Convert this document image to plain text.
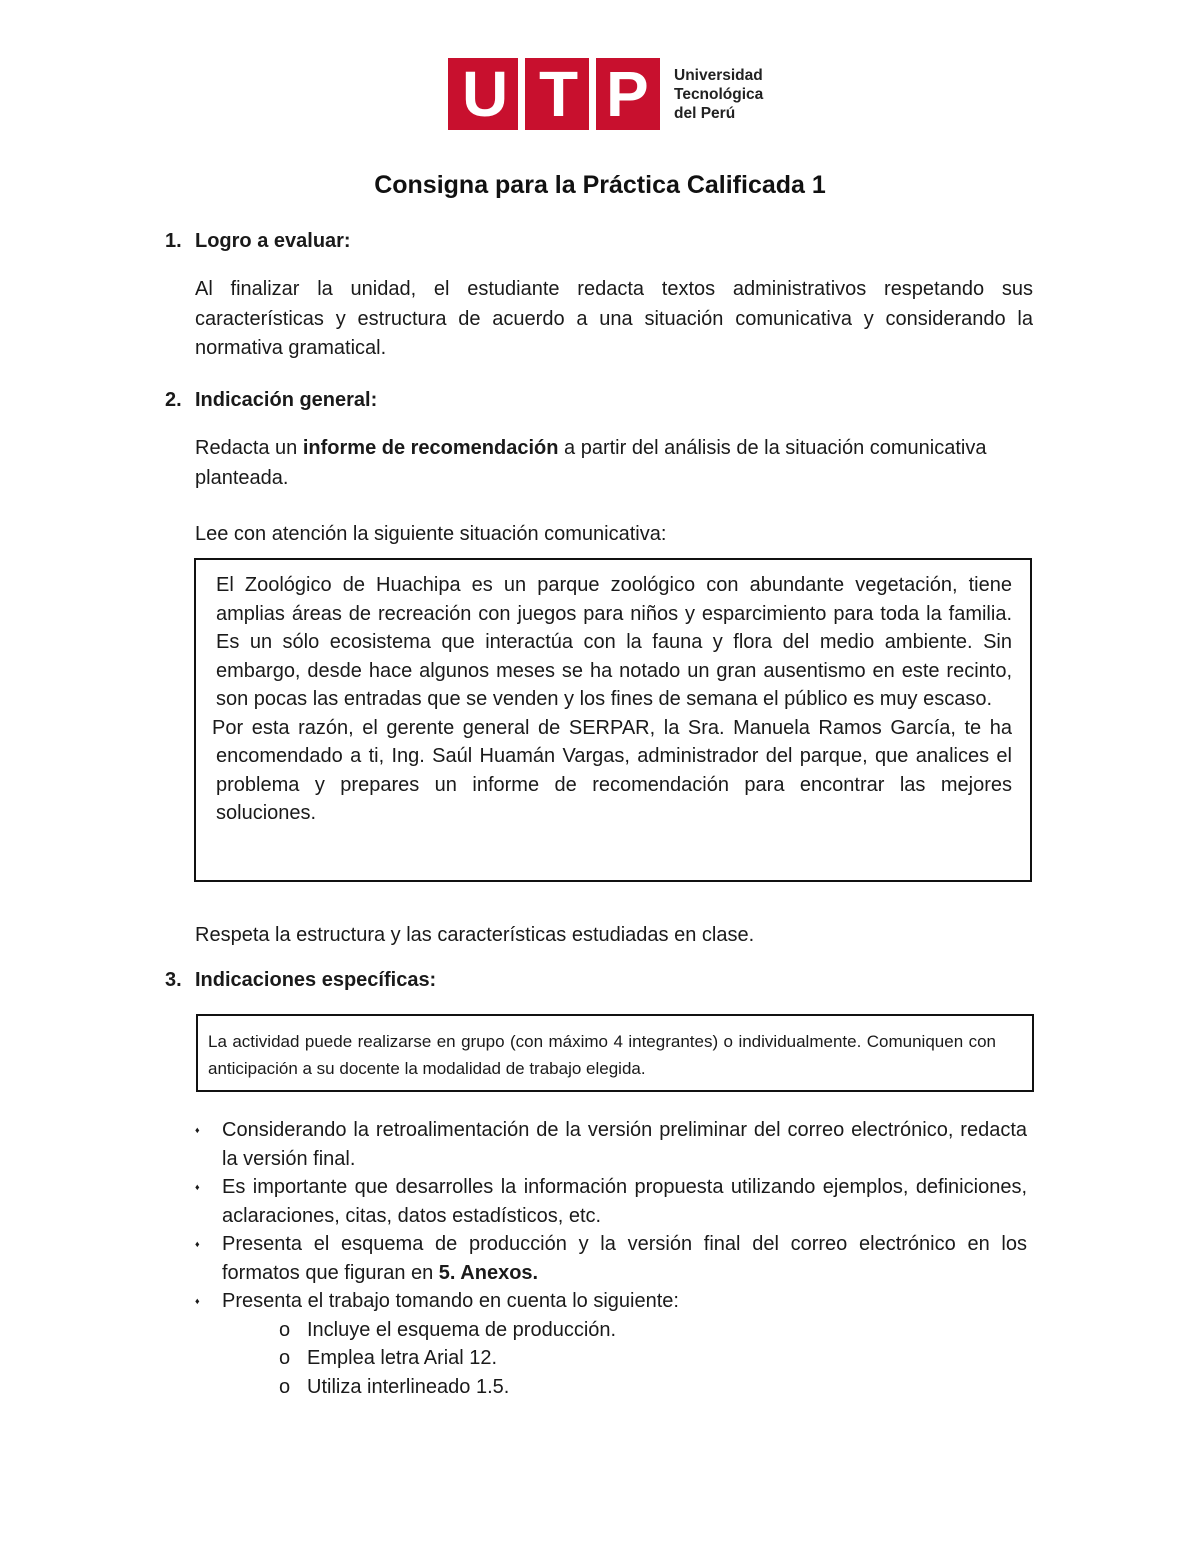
U T P Universidad
Tecnológica
del Perú
Consigna para la Práctica Calificada 1
1. Logro a evaluar:
Al finalizar la unidad, el estudiante redacta textos administrativos respetando sus características y estructura de acuerdo a una situación comunicativa y considerando la normativa gramatical.
2. Indicación general:
Redacta un informe de recomendación a partir del análisis de la situación comunicativa planteada.
Lee con atención la siguiente situación comunicativa:
El Zoológico de Huachipa es un parque zoológico con abundante vegetación, tiene amplias áreas de recreación con juegos para niños y esparcimiento para toda la familia. Es un sólo ecosistema que interactúa con la fauna y flora del medio ambiente. Sin embargo, desde hace algunos meses se ha notado un gran ausentismo en este recinto, son pocas las entradas que se venden y los fines de semana el público es muy escaso.
Por esta razón, el gerente general de SERPAR, la Sra. Manuela Ramos García, te ha encomendado a ti, Ing. Saúl Huamán Vargas, administrador del parque, que analices el problema y prepares un informe de recomendación para encontrar las mejores soluciones.
Respeta la estructura y las características estudiadas en clase.
3. Indicaciones específicas:
La actividad puede realizarse en grupo (con máximo 4 integrantes) o individualmente. Comuniquen con anticipación a su docente la modalidad de trabajo elegida.
♦ Considerando la retroalimentación de la versión preliminar del correo electrónico, redacta la versión final.
♦ Es importante que desarrolles la información propuesta utilizando ejemplos, definiciones, aclaraciones, citas, datos estadísticos, etc.
♦ Presenta el esquema de producción y la versión final del correo electrónico en los formatos que figuran en 5. Anexos.
♦ Presenta el trabajo tomando en cuenta lo siguiente:
o Incluye el esquema de producción.
o Emplea letra Arial 12.
o Utiliza interlineado 1.5.
